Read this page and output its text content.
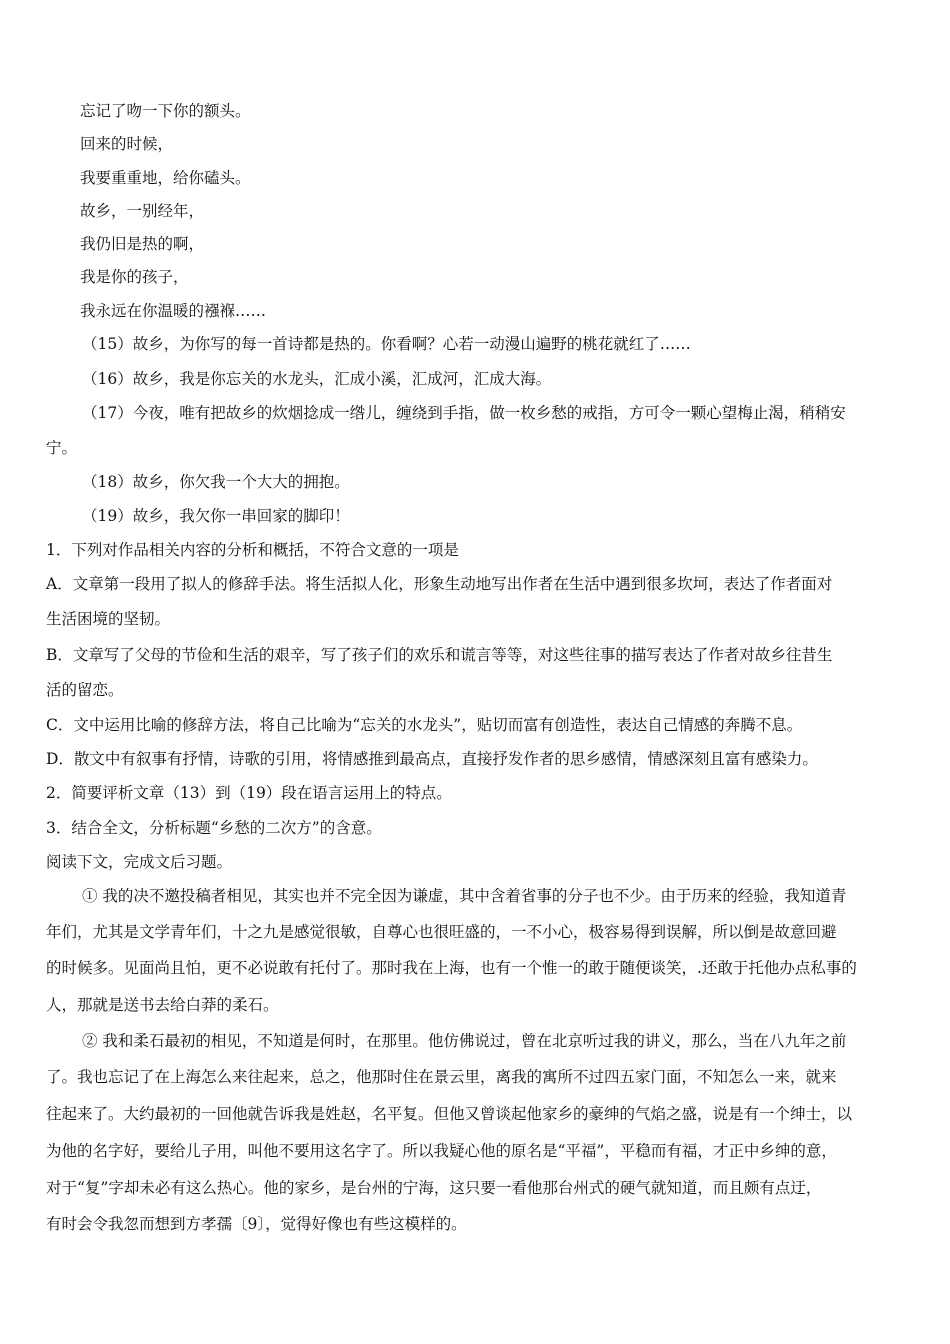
忘记了吻一下你的额头。
回来的时候，
我要重重地，给你磕头。
故乡，一别经年，
我仍旧是热的啊，
我是你的孩子，
我永远在你温暖的襁褓……
（15）故乡，为你写的每一首诗都是热的。你看啊？心若一动漫山遍野的桃花就红了……
（16）故乡，我是你忘关的水龙头，汇成小溪，汇成河，汇成大海。
（17）今夜，唯有把故乡的炊烟捻成一绺儿，缠绕到手指，做一枚乡愁的戒指，方可令一颗心望梅止渴，稍稍安
宁。
（18）故乡，你欠我一个大大的拥抱。
（19）故乡，我欠你一串回家的脚印！
1．下列对作品相关内容的分析和概括，不符合文意的一项是
A．文章第一段用了拟人的修辞手法。将生活拟人化，形象生动地写出作者在生活中遇到很多坎坷，表达了作者面对
生活困境的坚韧。
B．文章写了父母的节俭和生活的艰辛，写了孩子们的欢乐和谎言等等，对这些往事的描写表达了作者对故乡往昔生
活的留恋。
C．文中运用比喻的修辞方法，将自己比喻为“忘关的水龙头”，贴切而富有创造性，表达自己情感的奔腾不息。
D．散文中有叙事有抒情，诗歌的引用，将情感推到最高点，直接抒发作者的思乡感情，情感深刻且富有感染力。
2．简要评析文章（13）到（19）段在语言运用上的特点。
3．结合全文，分析标题“乡愁的二次方”的含意。
阅读下文，完成文后习题。
① 我的决不邀投稿者相见，其实也并不完全因为谦虚，其中含着省事的分子也不少。由于历来的经验，我知道青
年们，尤其是文学青年们，十之九是感觉很敏，自尊心也很旺盛的，一不小心，极容易得到误解，所以倒是故意回避
的时候多。见面尚且怕，更不必说敢有托付了。那时我在上海，也有一个惟一的敢于随便谈笑，.还敢于托他办点私事的
人，那就是送书去给白莽的柔石。
② 我和柔石最初的相见，不知道是何时，在那里。他仿佛说过，曾在北京听过我的讲义，那么，当在八九年之前
了。我也忘记了在上海怎么来往起来，总之，他那时住在景云里，离我的寓所不过四五家门面，不知怎么一来，就来
往起来了。大约最初的一回他就告诉我是姓赵，名平复。但他又曾谈起他家乡的豪绅的气焰之盛，说是有一个绅士，以
为他的名字好，要给儿子用，叫他不要用这名字了。所以我疑心他的原名是“平福”，平稳而有福，才正中乡绅的意，
对于“复”字却未必有这么热心。他的家乡，是台州的宁海，这只要一看他那台州式的硬气就知道，而且颇有点迂，
有时会令我忽而想到方孝孺〔9〕，觉得好像也有些这模样的。
